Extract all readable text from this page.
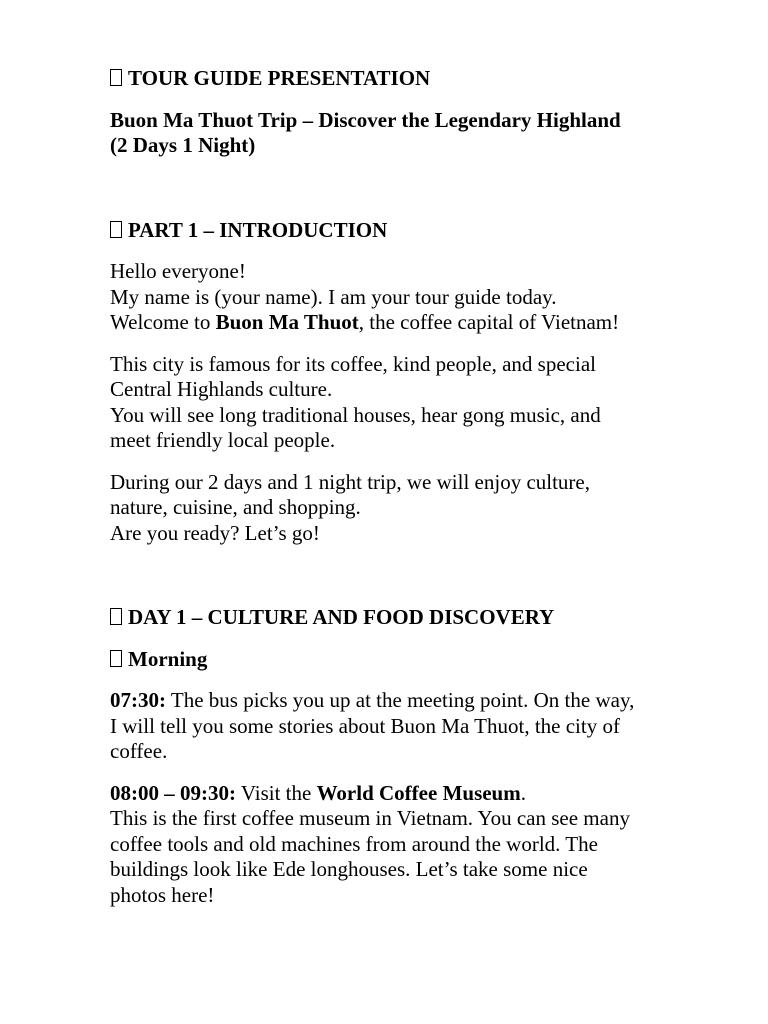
TOUR GUIDE PRESENTATION

Buon Ma Thuot Trip – Discover the Legendary Highland
(2 Days 1 Night)

PART 1 – INTRODUCTION

Hello everyone!
My name is (your name). I am your tour guide today.
Welcome to Buon Ma Thuot, the coffee capital of Vietnam!

This city is famous for its coffee, kind people, and special
Central Highlands culture.
You will see long traditional houses, hear gong music, and
meet friendly local people.

During our 2 days and 1 night trip, we will enjoy culture,
nature, cuisine, and shopping.
Are you ready? Let’s go!

DAY 1 – CULTURE AND FOOD DISCOVERY

Morning

07:30: The bus picks you up at the meeting point. On the way,
I will tell you some stories about Buon Ma Thuot, the city of
coffee.

08:00 – 09:30: Visit the World Coffee Museum.
This is the first coffee museum in Vietnam. You can see many
coffee tools and old machines from around the world. The
buildings look like Ede longhouses. Let’s take some nice
photos here!
